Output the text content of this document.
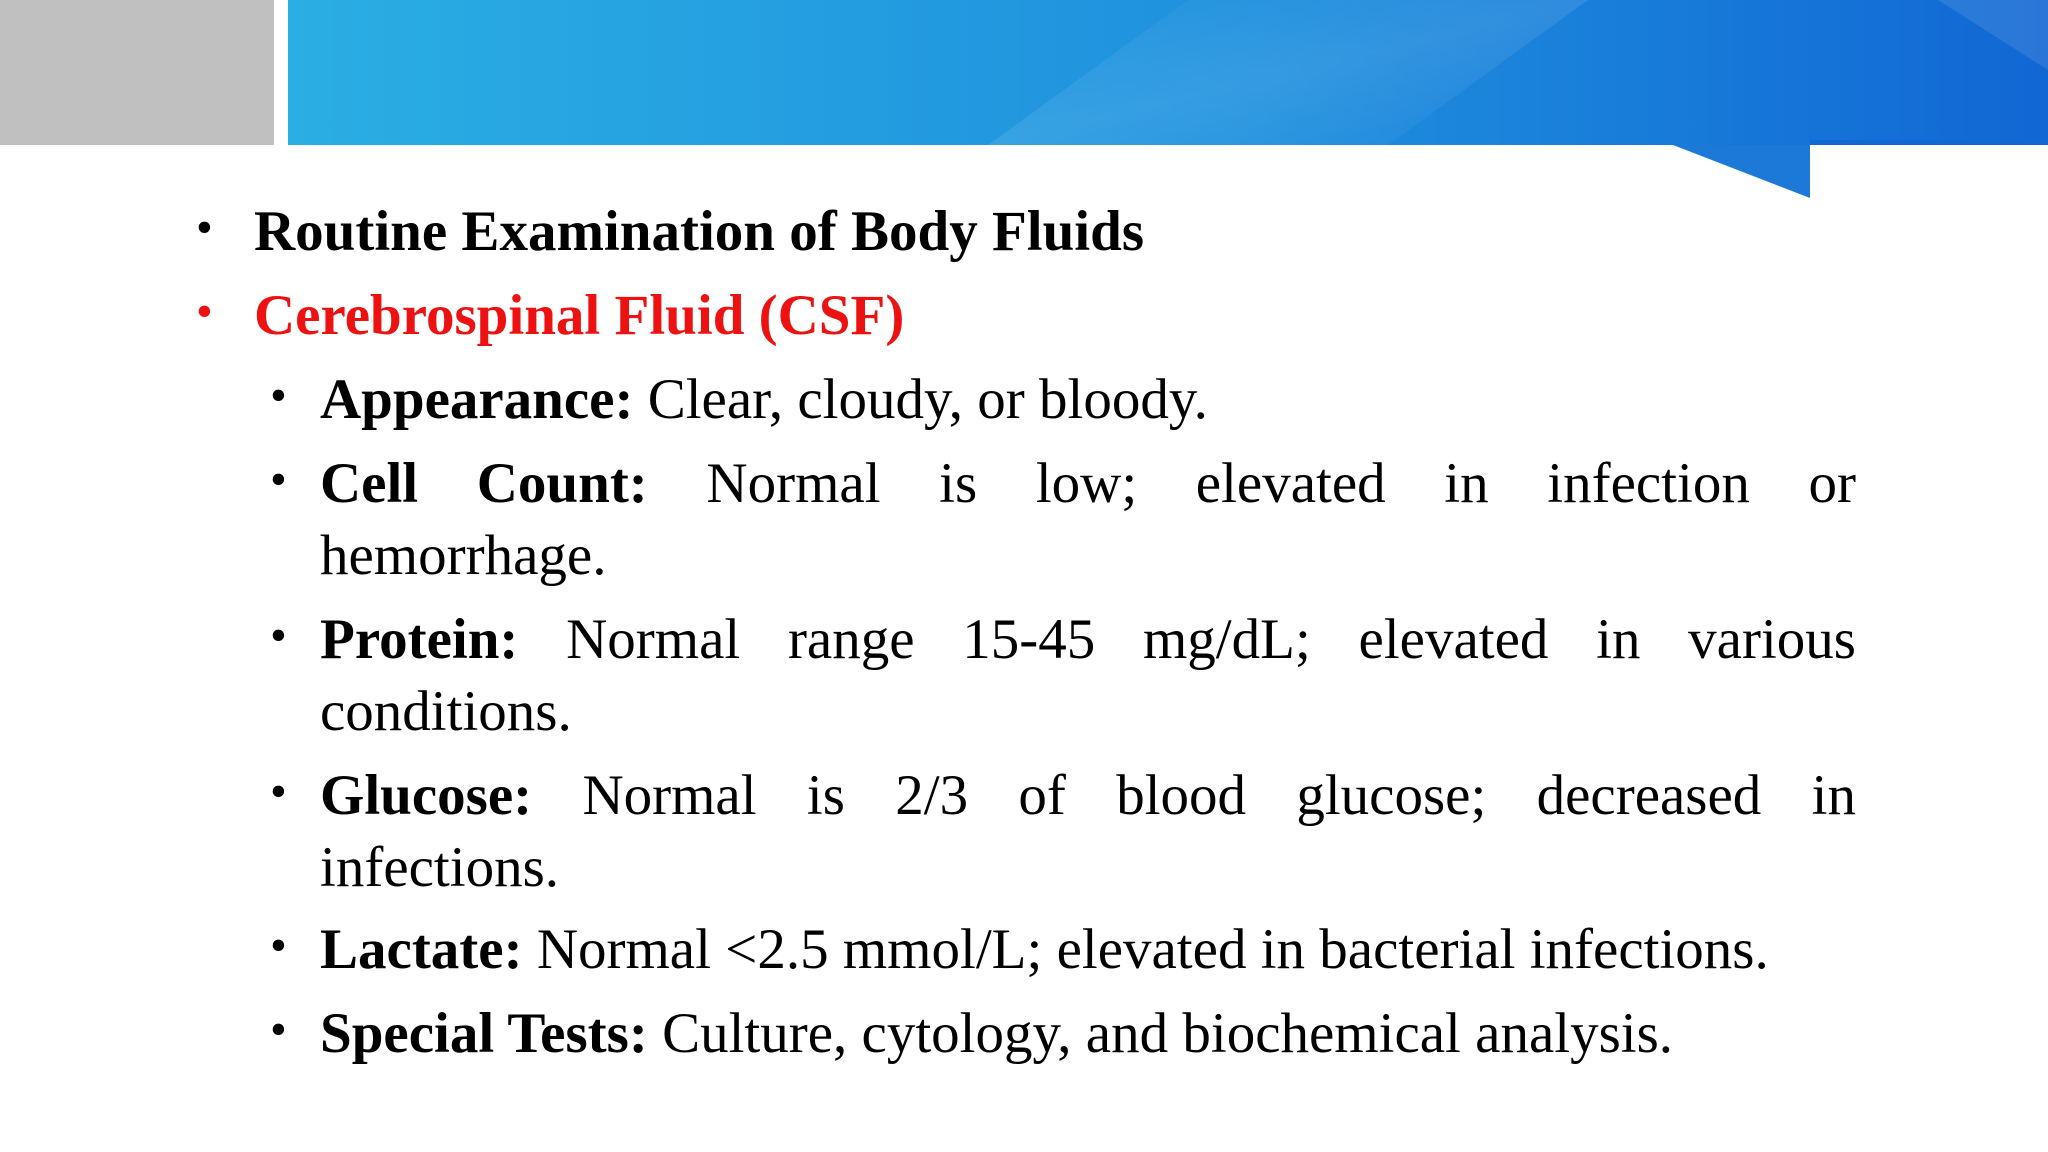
• Routine Examination of Body Fluids
• Cerebrospinal Fluid (CSF)
• Appearance: Clear, cloudy, or bloody.
• Cell Count: Normal is low; elevated in infection or
hemorrhage.
• Protein: Normal range 15-45 mg/dL; elevated in various
conditions.
• Glucose: Normal is 2/3 of blood glucose; decreased in
infections.
• Lactate: Normal <2.5 mmol/L; elevated in bacterial infections.
• Special Tests: Culture, cytology, and biochemical analysis.
